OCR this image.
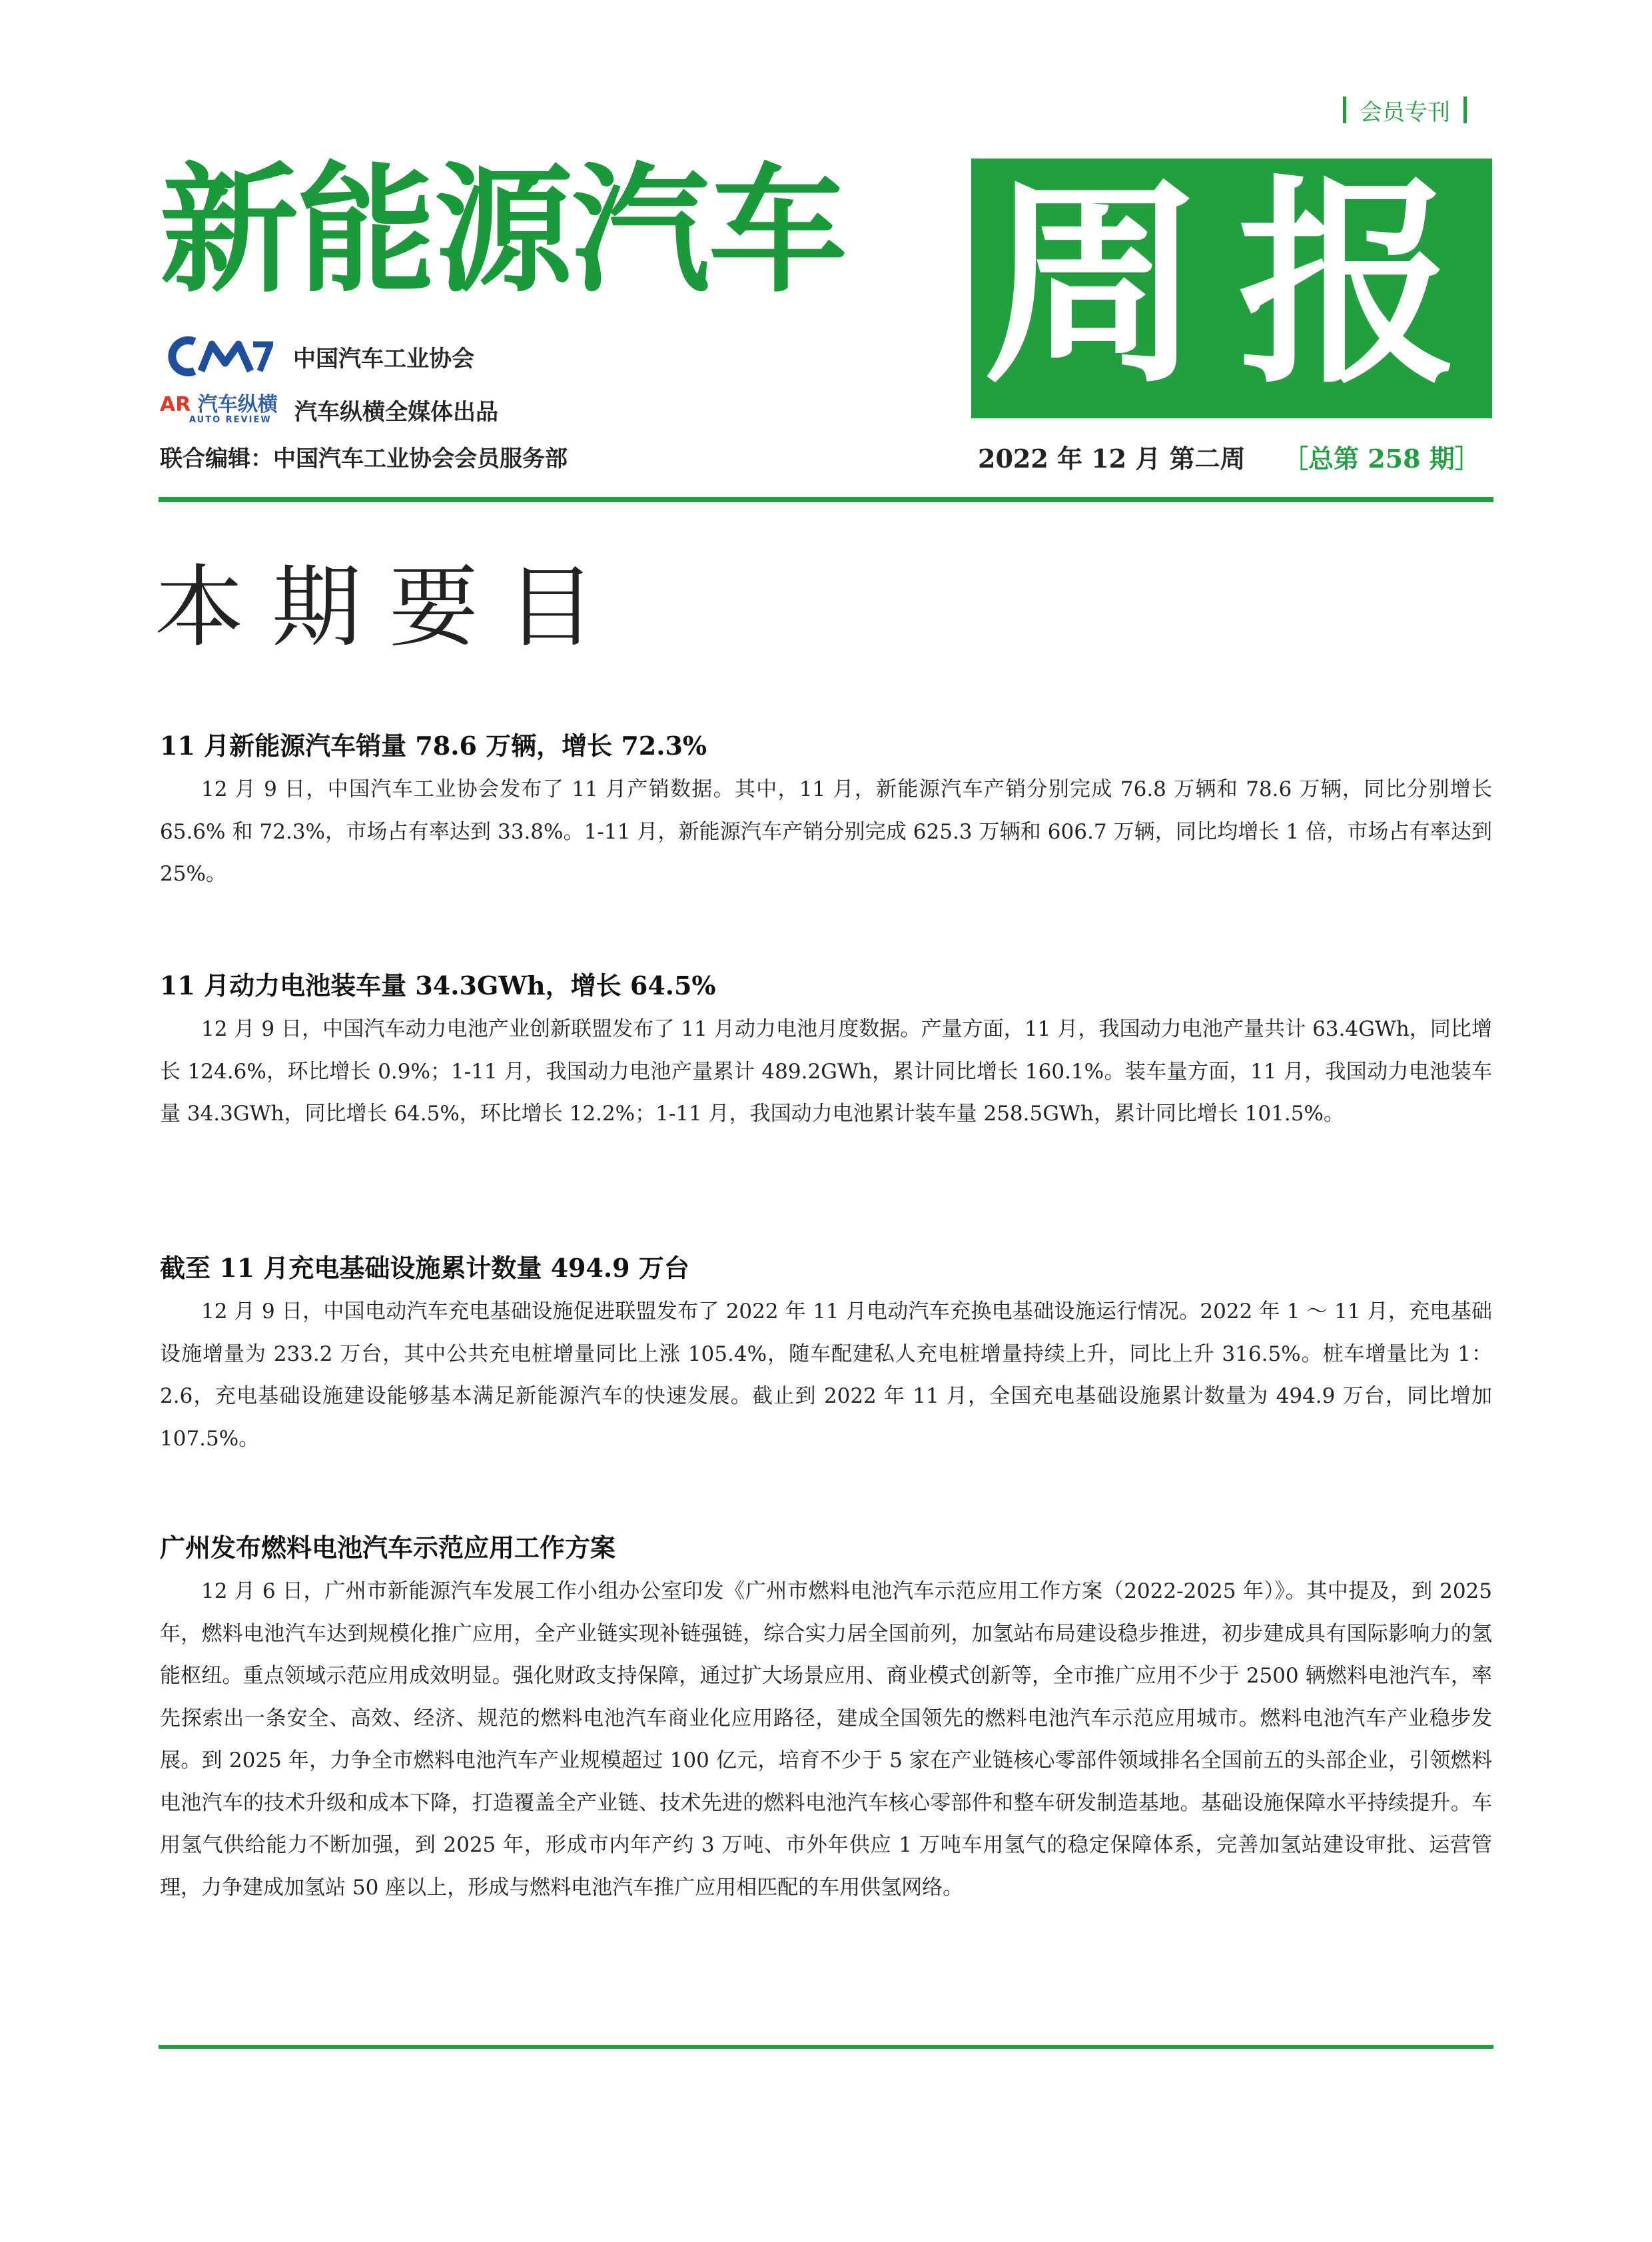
会员专刊
新能源汽车 周 报
中国汽车工业协会
AR 汽车纵横
AUTO REVIEW	汽车纵横全媒体出品
联合编辑：中国汽车工业协会会员服务部	2022 年 12 月 第二周 ［总第 258 期］
本期要目
11 月新能源汽车销量 78.6 万辆，增长 72.3%

12 月 9 日，中国汽车工业协会发布了 11 月产销数据。其中，11 月，新能源汽车产销分别完成 76.8 万辆和 78.6 万辆，同比分别增长 65.6% 和 72.3%，市场占有率达到 33.8%。1-11 月，新能源汽车产销分别完成 625.3 万辆和 606.7 万辆，同比均增长 1 倍，市场占有率达到 25%。

11 月动力电池装车量 34.3GWh，增长 64.5%

12 月 9 日，中国汽车动力电池产业创新联盟发布了 11 月动力电池月度数据。产量方面，11 月，我国动力电池产量共计 63.4GWh，同比增长 124.6%，环比增长 0.9%；1-11 月，我国动力电池产量累计 489.2GWh，累计同比增长 160.1%。装车量方面，11 月，我国动力电池装车量 34.3GWh，同比增长 64.5%，环比增长 12.2%；1-11 月，我国动力电池累计装车量 258.5GWh，累计同比增长 101.5%。

截至 11 月充电基础设施累计数量 494.9 万台

12 月 9 日，中国电动汽车充电基础设施促进联盟发布了 2022 年 11 月电动汽车充换电基础设施运行情况。2022 年 1 ～ 11 月，充电基础设施增量为 233.2 万台，其中公共充电桩增量同比上涨 105.4%，随车配建私人充电桩增量持续上升，同比上升 316.5%。桩车增量比为 1：2.6，充电基础设施建设能够基本满足新能源汽车的快速发展。截止到 2022 年 11 月，全国充电基础设施累计数量为 494.9 万台，同比增加 107.5%。

广州发布燃料电池汽车示范应用工作方案

12 月 6 日，广州市新能源汽车发展工作小组办公室印发《广州市燃料电池汽车示范应用工作方案（2022-2025 年）》。其中提及，到 2025 年，燃料电池汽车达到规模化推广应用，全产业链实现补链强链，综合实力居全国前列，加氢站布局建设稳步推进，初步建成具有国际影响力的氢能枢纽。重点领域示范应用成效明显。强化财政支持保障，通过扩大场景应用、商业模式创新等，全市推广应用不少于 2500 辆燃料电池汽车，率先探索出一条安全、高效、经济、规范的燃料电池汽车商业化应用路径，建成全国领先的燃料电池汽车示范应用城市。燃料电池汽车产业稳步发展。到 2025 年，力争全市燃料电池汽车产业规模超过 100 亿元，培育不少于 5 家在产业链核心零部件领域排名全国前五的头部企业，引领燃料电池汽车的技术升级和成本下降，打造覆盖全产业链、技术先进的燃料电池汽车核心零部件和整车研发制造基地。基础设施保障水平持续提升。车用氢气供给能力不断加强，到 2025 年，形成市内年产约 3 万吨、市外年供应 1 万吨车用氢气的稳定保障体系，完善加氢站建设审批、运营管理，力争建成加氢站 50 座以上，形成与燃料电池汽车推广应用相匹配的车用供氢网络。
